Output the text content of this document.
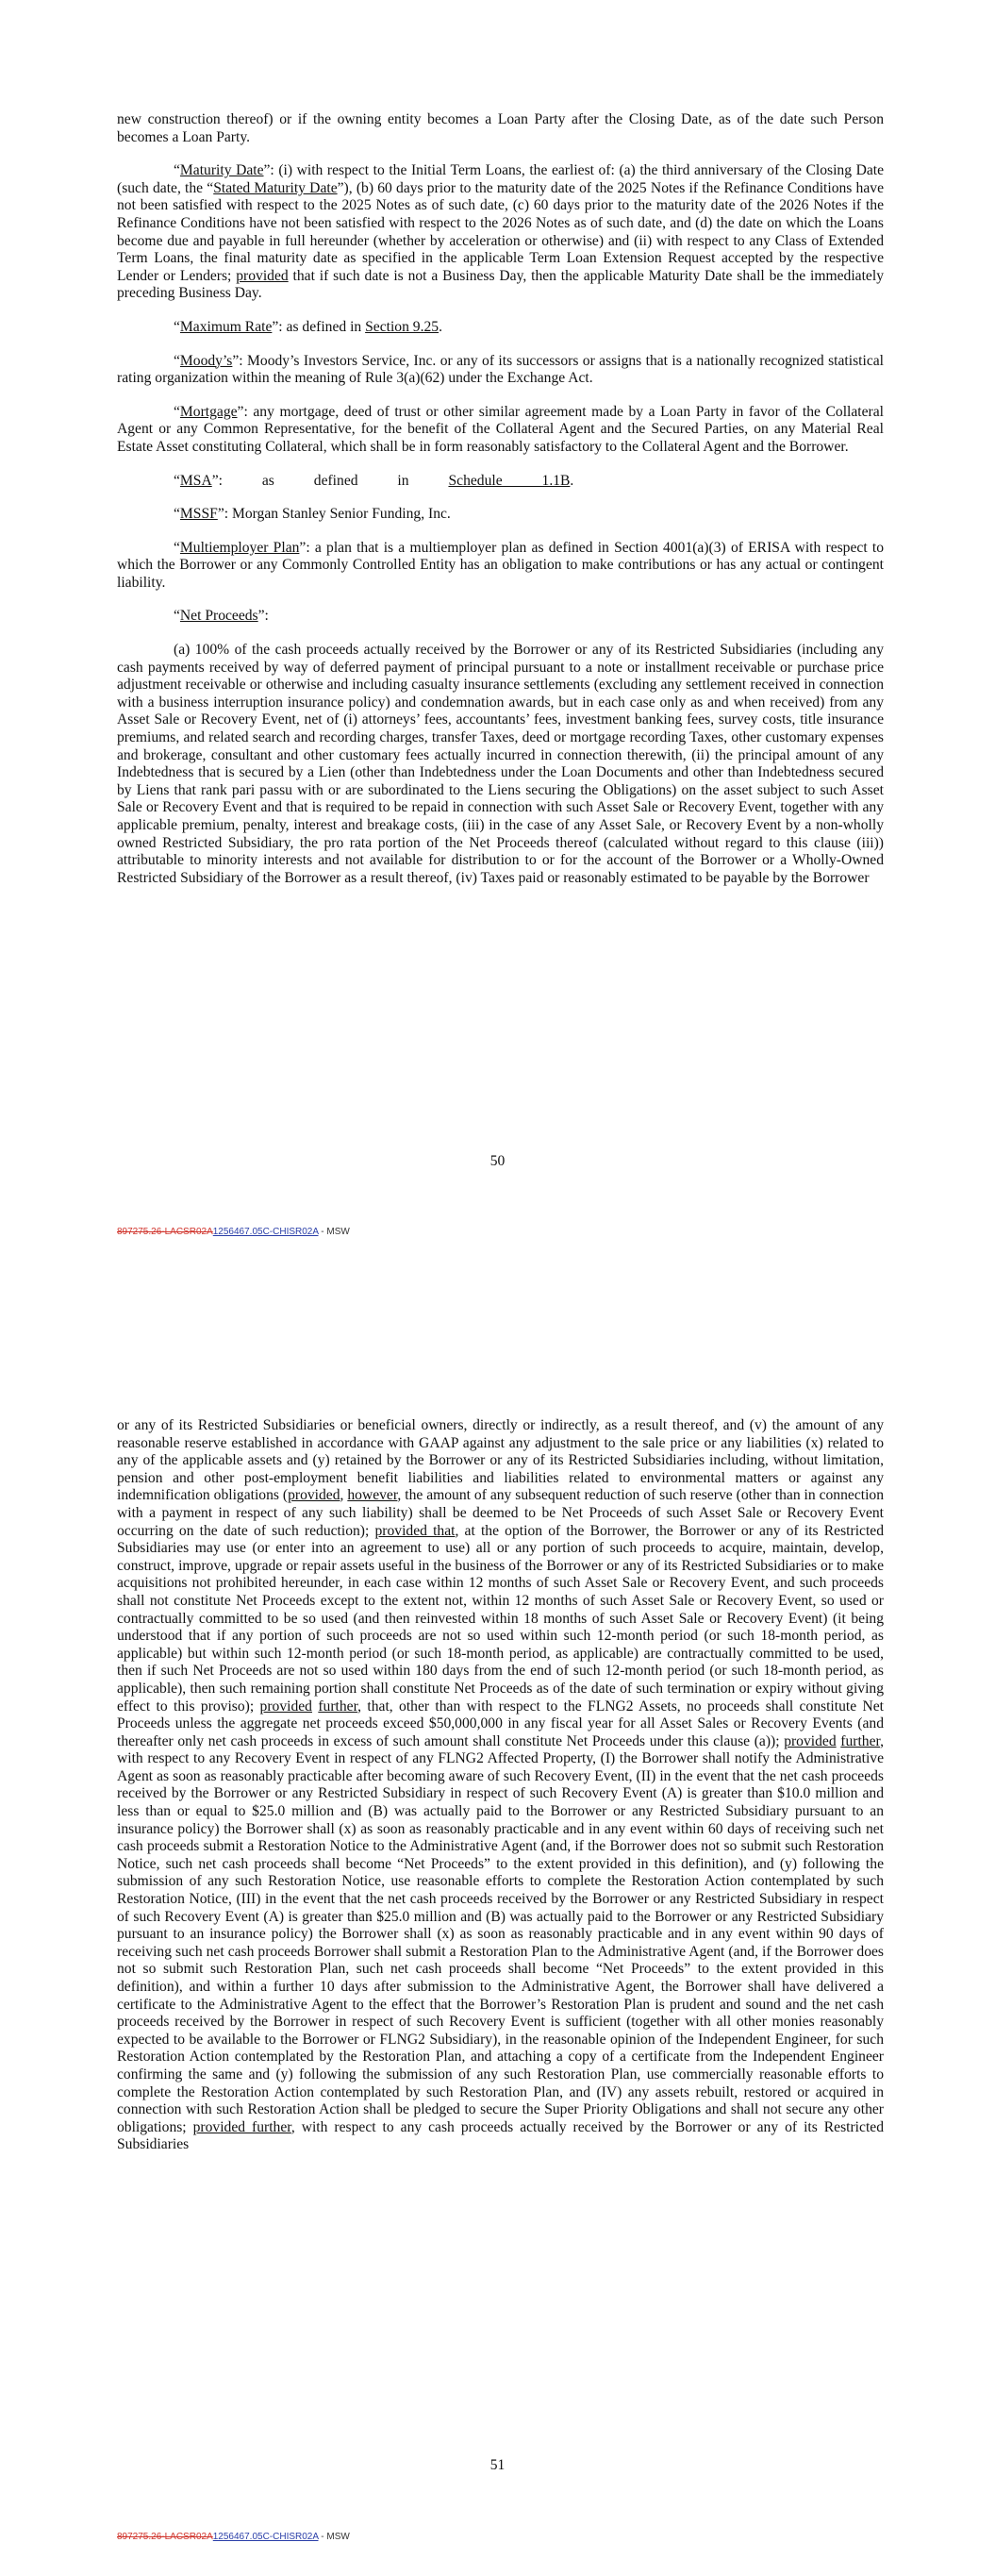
new construction thereof) or if the owning entity becomes a Loan Party after the Closing Date, as of the date such Person becomes a Loan Party.

“Maturity Date”: (i) with respect to the Initial Term Loans, the earliest of: (a) the third anniversary of the Closing Date (such date, the “Stated Maturity Date”), (b) 60 days prior to the maturity date of the 2025 Notes if the Refinance Conditions have not been satisfied with respect to the 2025 Notes as of such date, (c) 60 days prior to the maturity date of the 2026 Notes if the Refinance Conditions have not been satisfied with respect to the 2026 Notes as of such date, and (d) the date on which the Loans become due and payable in full hereunder (whether by acceleration or otherwise) and (ii) with respect to any Class of Extended Term Loans, the final maturity date as specified in the applicable Term Loan Extension Request accepted by the respective Lender or Lenders; provided that if such date is not a Business Day, then the applicable Maturity Date shall be the immediately preceding Business Day.

“Maximum Rate”: as defined in Section 9.25.

“Moody’s”: Moody’s Investors Service, Inc. or any of its successors or assigns that is a nationally recognized statistical rating organization within the meaning of Rule 3(a)(62) under the Exchange Act.

“Mortgage”: any mortgage, deed of trust or other similar agreement made by a Loan Party in favor of the Collateral Agent or any Common Representative, for the benefit of the Collateral Agent and the Secured Parties, on any Material Real Estate Asset constituting Collateral, which shall be in form reasonably satisfactory to the Collateral Agent and the Borrower.

“MSA”: as defined in Schedule 1.1B.

“MSSF”: Morgan Stanley Senior Funding, Inc.

“Multiemployer Plan”: a plan that is a multiemployer plan as defined in Section 4001(a)(3) of ERISA with respect to which the Borrower or any Commonly Controlled Entity has an obligation to make contributions or has any actual or contingent liability.

“Net Proceeds”:

(a) 100% of the cash proceeds actually received by the Borrower or any of its Restricted Subsidiaries (including any cash payments received by way of deferred payment of principal pursuant to a note or installment receivable or purchase price adjustment receivable or otherwise and including casualty insurance settlements (excluding any settlement received in connection with a business interruption insurance policy) and condemnation awards, but in each case only as and when received) from any Asset Sale or Recovery Event, net of (i) attorneys’ fees, accountants’ fees, investment banking fees, survey costs, title insurance premiums, and related search and recording charges, transfer Taxes, deed or mortgage recording Taxes, other customary expenses and brokerage, consultant and other customary fees actually incurred in connection therewith, (ii) the principal amount of any Indebtedness that is secured by a Lien (other than Indebtedness under the Loan Documents and other than Indebtedness secured by Liens that rank pari passu with or are subordinated to the Liens securing the Obligations) on the asset subject to such Asset Sale or Recovery Event and that is required to be repaid in connection with such Asset Sale or Recovery Event, together with any applicable premium, penalty, interest and breakage costs, (iii) in the case of any Asset Sale, or Recovery Event by a non-wholly owned Restricted Subsidiary, the pro rata portion of the Net Proceeds thereof (calculated without regard to this clause (iii)) attributable to minority interests and not available for distribution to or for the account of the Borrower or a Wholly-Owned Restricted Subsidiary of the Borrower as a result thereof, (iv) Taxes paid or reasonably estimated to be payable by the Borrower

50
897275.26-LACSR02A1256467.05C-CHISR02A - MSW

or any of its Restricted Subsidiaries or beneficial owners, directly or indirectly, as a result thereof, and (v) the amount of any reasonable reserve established in accordance with GAAP against any adjustment to the sale price or any liabilities (x) related to any of the applicable assets and (y) retained by the Borrower or any of its Restricted Subsidiaries including, without limitation, pension and other post-employment benefit liabilities and liabilities related to environmental matters or against any indemnification obligations (provided, however, the amount of any subsequent reduction of such reserve (other than in connection with a payment in respect of any such liability) shall be deemed to be Net Proceeds of such Asset Sale or Recovery Event occurring on the date of such reduction); provided that, at the option of the Borrower, the Borrower or any of its Restricted Subsidiaries may use (or enter into an agreement to use) all or any portion of such proceeds to acquire, maintain, develop, construct, improve, upgrade or repair assets useful in the business of the Borrower or any of its Restricted Subsidiaries or to make acquisitions not prohibited hereunder, in each case within 12 months of such Asset Sale or Recovery Event, and such proceeds shall not constitute Net Proceeds except to the extent not, within 12 months of such Asset Sale or Recovery Event, so used or contractually committed to be so used (and then reinvested within 18 months of such Asset Sale or Recovery Event) (it being understood that if any portion of such proceeds are not so used within such 12-month period (or such 18-month period, as applicable) but within such 12-month period (or such 18-month period, as applicable) are contractually committed to be used, then if such Net Proceeds are not so used within 180 days from the end of such 12-month period (or such 18-month period, as applicable), then such remaining portion shall constitute Net Proceeds as of the date of such termination or expiry without giving effect to this proviso); provided further, that, other than with respect to the FLNG2 Assets, no proceeds shall constitute Net Proceeds unless the aggregate net proceeds exceed $50,000,000 in any fiscal year for all Asset Sales or Recovery Events (and thereafter only net cash proceeds in excess of such amount shall constitute Net Proceeds under this clause (a)); provided further, with respect to any Recovery Event in respect of any FLNG2 Affected Property, (I) the Borrower shall notify the Administrative Agent as soon as reasonably practicable after becoming aware of such Recovery Event, (II) in the event that the net cash proceeds received by the Borrower or any Restricted Subsidiary in respect of such Recovery Event (A) is greater than $10.0 million and less than or equal to $25.0 million and (B) was actually paid to the Borrower or any Restricted Subsidiary pursuant to an insurance policy) the Borrower shall (x) as soon as reasonably practicable and in any event within 60 days of receiving such net cash proceeds submit a Restoration Notice to the Administrative Agent (and, if the Borrower does not so submit such Restoration Notice, such net cash proceeds shall become “Net Proceeds” to the extent provided in this definition), and (y) following the submission of any such Restoration Notice, use reasonable efforts to complete the Restoration Action contemplated by such Restoration Notice, (III) in the event that the net cash proceeds received by the Borrower or any Restricted Subsidiary in respect of such Recovery Event (A) is greater than $25.0 million and (B) was actually paid to the Borrower or any Restricted Subsidiary pursuant to an insurance policy) the Borrower shall (x) as soon as reasonably practicable and in any event within 90 days of receiving such net cash proceeds Borrower shall submit a Restoration Plan to the Administrative Agent (and, if the Borrower does not so submit such Restoration Plan, such net cash proceeds shall become “Net Proceeds” to the extent provided in this definition), and within a further 10 days after submission to the Administrative Agent, the Borrower shall have delivered a certificate to the Administrative Agent to the effect that the Borrower’s Restoration Plan is prudent and sound and the net cash proceeds received by the Borrower in respect of such Recovery Event is sufficient (together with all other monies reasonably expected to be available to the Borrower or FLNG2 Subsidiary), in the reasonable opinion of the Independent Engineer, for such Restoration Action contemplated by the Restoration Plan, and attaching a copy of a certificate from the Independent Engineer confirming the same and (y) following the submission of any such Restoration Plan, use commercially reasonable efforts to complete the Restoration Action contemplated by such Restoration Plan, and (IV) any assets rebuilt, restored or acquired in connection with such Restoration Action shall be pledged to secure the Super Priority Obligations and shall not secure any other obligations; provided further, with respect to any cash proceeds actually received by the Borrower or any of its Restricted Subsidiaries

51
897275.26-LACSR02A1256467.05C-CHISR02A - MSW
